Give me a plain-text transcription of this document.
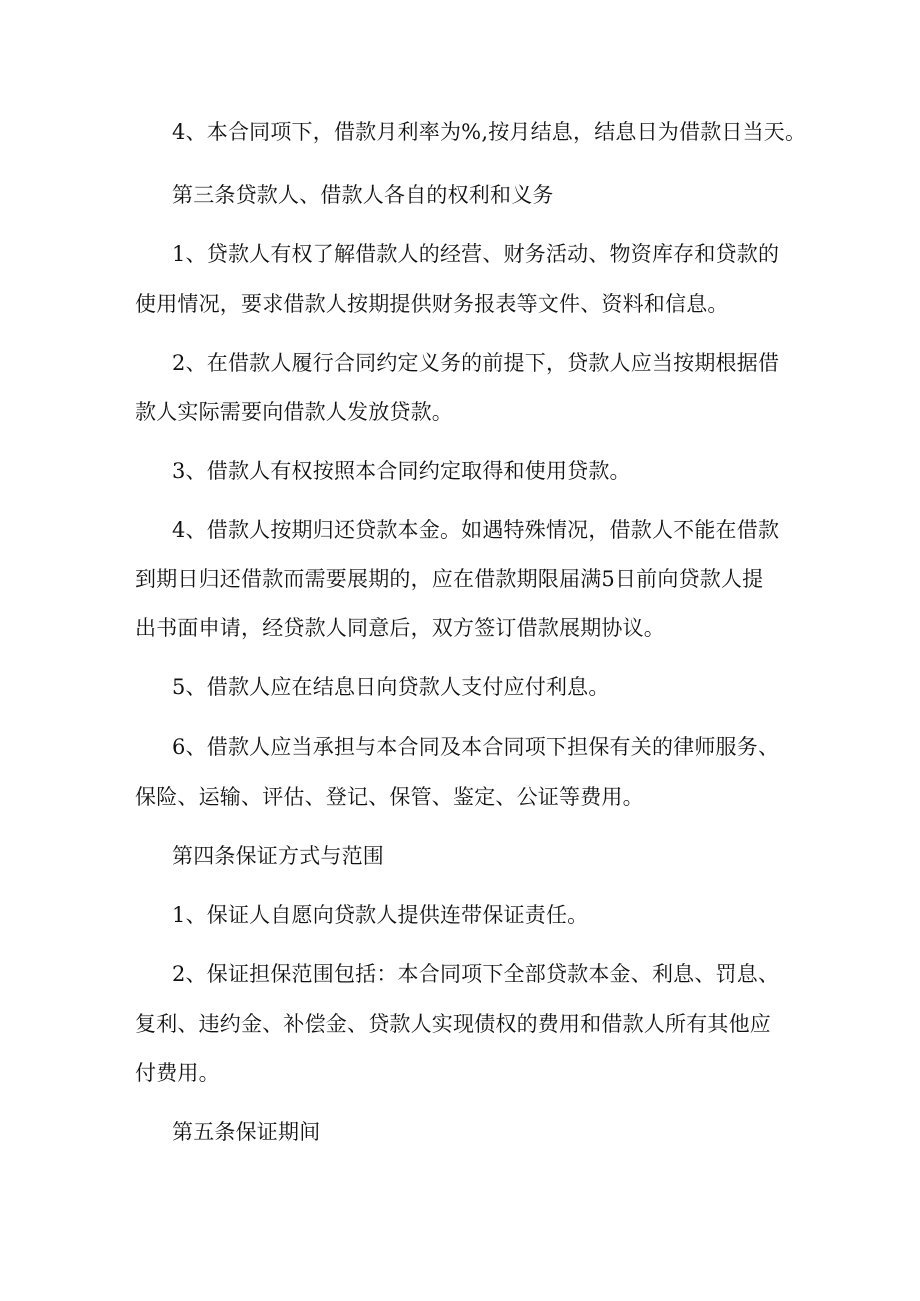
4、本合同项下，借款月利率为%,按月结息，结息日为借款日当天。
第三条贷款人、借款人各自的权利和义务
1、贷款人有权了解借款人的经营、财务活动、物资库存和贷款的
使用情况，要求借款人按期提供财务报表等文件、资料和信息。
2、在借款人履行合同约定义务的前提下，贷款人应当按期根据借
款人实际需要向借款人发放贷款。
3、借款人有权按照本合同约定取得和使用贷款。
4、借款人按期归还贷款本金。如遇特殊情况，借款人不能在借款
到期日归还借款而需要展期的，应在借款期限届满5日前向贷款人提
出书面申请，经贷款人同意后，双方签订借款展期协议。
5、借款人应在结息日向贷款人支付应付利息。
6、借款人应当承担与本合同及本合同项下担保有关的律师服务、
保险、运输、评估、登记、保管、鉴定、公证等费用。
第四条保证方式与范围
1、保证人自愿向贷款人提供连带保证责任。
2、保证担保范围包括：本合同项下全部贷款本金、利息、罚息、
复利、违约金、补偿金、贷款人实现债权的费用和借款人所有其他应
付费用。
第五条保证期间
